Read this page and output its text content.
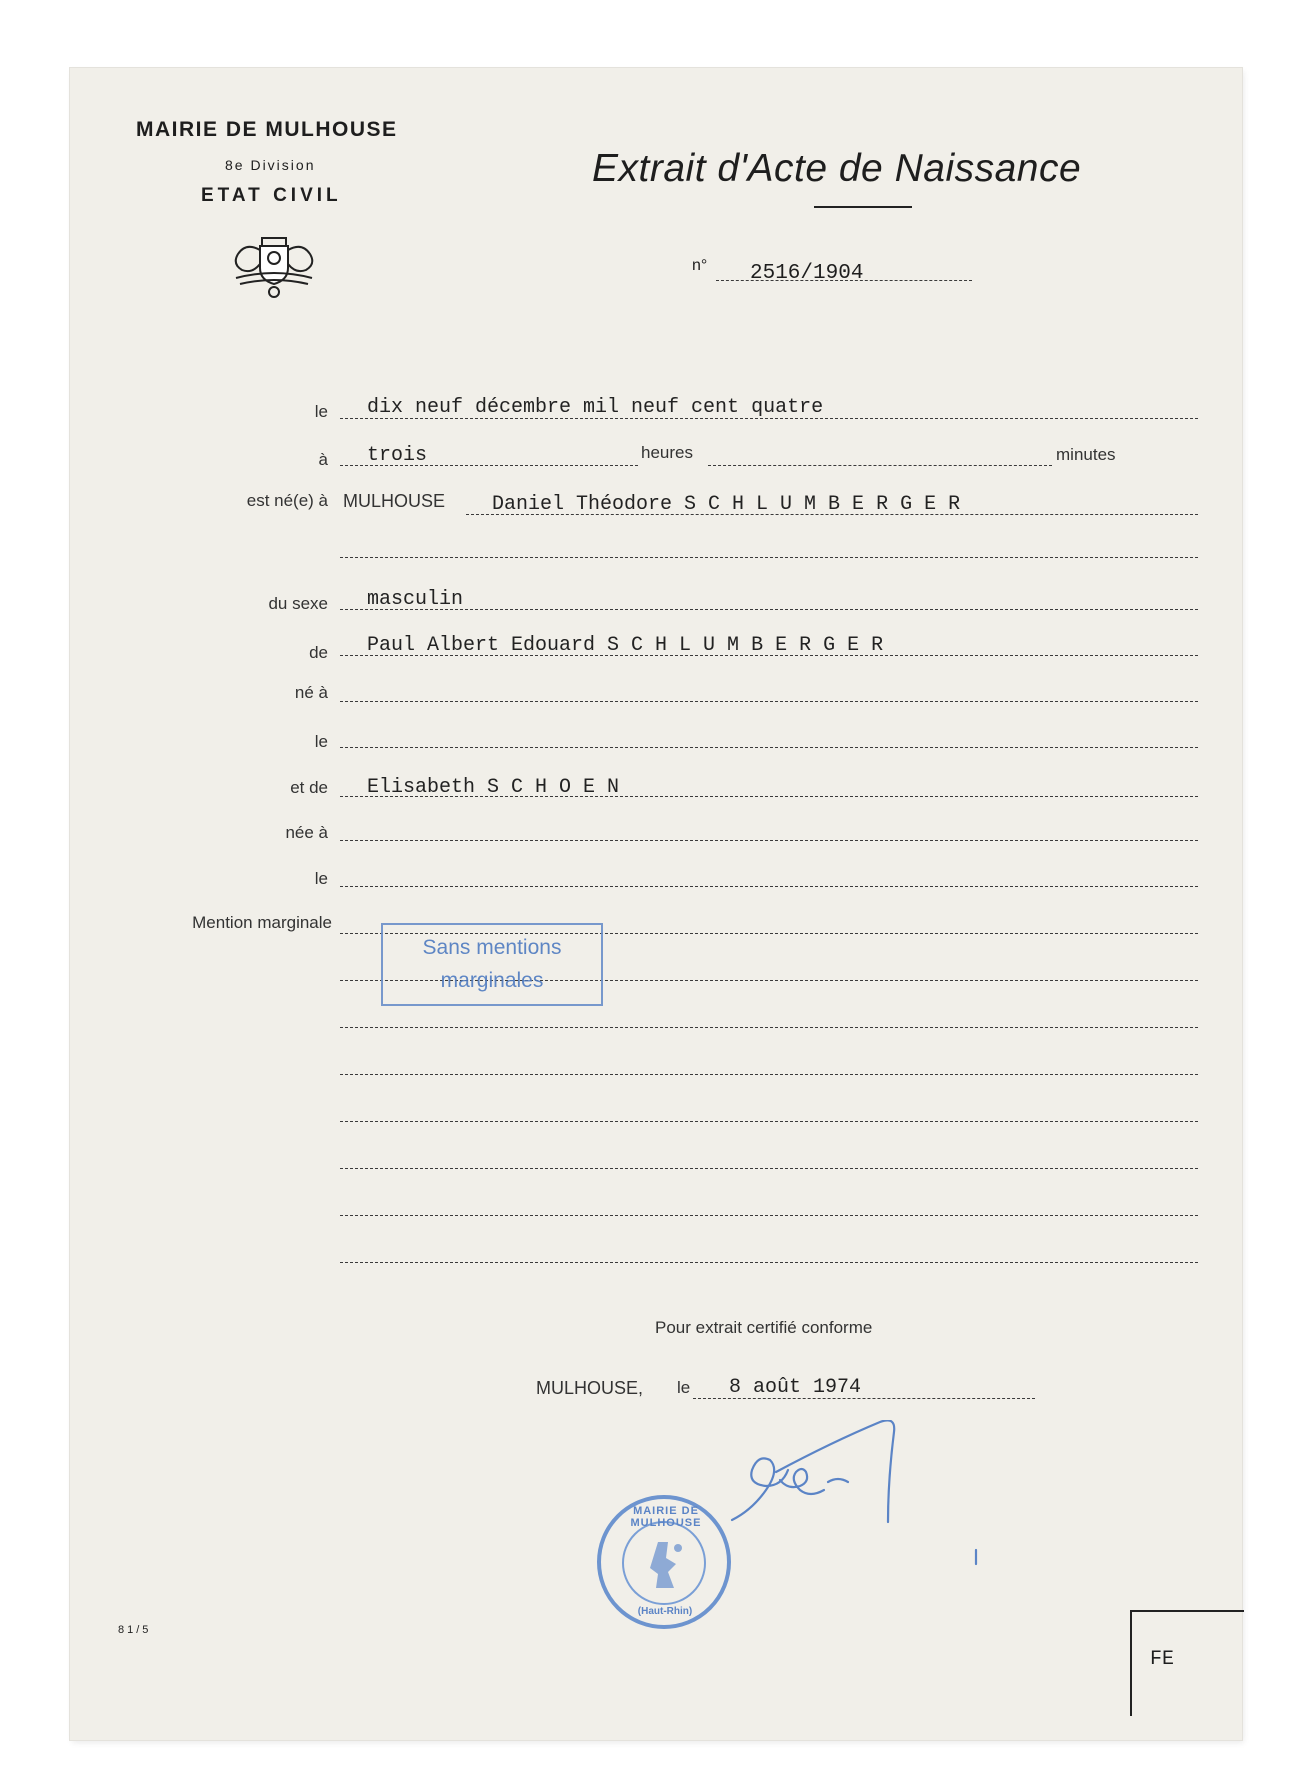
MAIRIE DE MULHOUSE
8e Division
ETAT CIVIL
Extrait d'Acte de Naissance
n° 2516/1904
le dix neuf décembre mil neuf cent quatre
à trois	heures	minutes
est né(e) à MULHOUSE Daniel Théodore S C H L U M B E R G E R
du sexe masculin
de Paul Albert Edouard S C H L U M B E R G E R
né à
le
et de Elisabeth S C H O E N
née à
le
Mention marginale
Sans mentions
marginales
Pour extrait certifié conforme
MULHOUSE, le 8 août 1974
MAIRIE DE MULHOUSE
(Haut-Rhin)
81/5
FE
